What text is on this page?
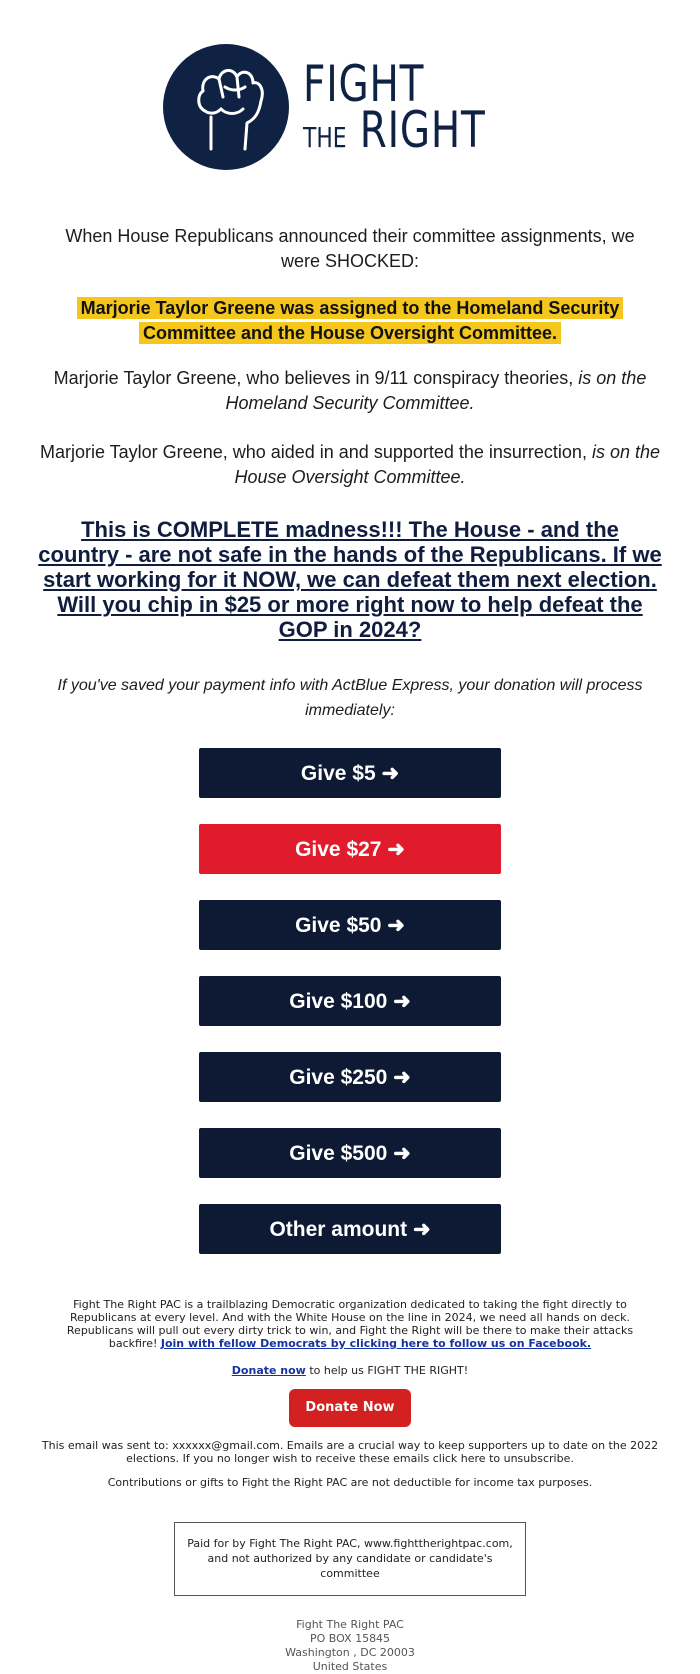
FIGHT
THE RIGHT
When House Republicans announced their committee assignments, we were SHOCKED:
Marjorie Taylor Greene was assigned to the Homeland Security Committee and the House Oversight Committee.
Marjorie Taylor Greene, who believes in 9/11 conspiracy theories, is on the Homeland Security Committee.
Marjorie Taylor Greene, who aided in and supported the insurrection, is on the House Oversight Committee.
This is COMPLETE madness!!! The House - and the country - are not safe in the hands of the Republicans. If we start working for it NOW, we can defeat them next election. Will you chip in $25 or more right now to help defeat the GOP in 2024?
If you've saved your payment info with ActBlue Express, your donation will process immediately:
Give $5 ➜
Give $27 ➜
Give $50 ➜
Give $100 ➜
Give $250 ➜
Give $500 ➜
Other amount ➜
Fight The Right PAC is a trailblazing Democratic organization dedicated to taking the fight directly to Republicans at every level. And with the White House on the line in 2024, we need all hands on deck. Republicans will pull out every dirty trick to win, and Fight the Right will be there to make their attacks backfire! Join with fellow Democrats by clicking here to follow us on Facebook.
Donate now to help us FIGHT THE RIGHT!
Donate Now
This email was sent to: xxxxxx@gmail.com. Emails are a crucial way to keep supporters up to date on the 2022 elections. If you no longer wish to receive these emails click here to unsubscribe.
Contributions or gifts to Fight the Right PAC are not deductible for income tax purposes.
Paid for by Fight The Right PAC, www.fighttherightpac.com, and not authorized by any candidate or candidate's committee
Fight The Right PAC
PO BOX 15845
Washington , DC 20003
United States
